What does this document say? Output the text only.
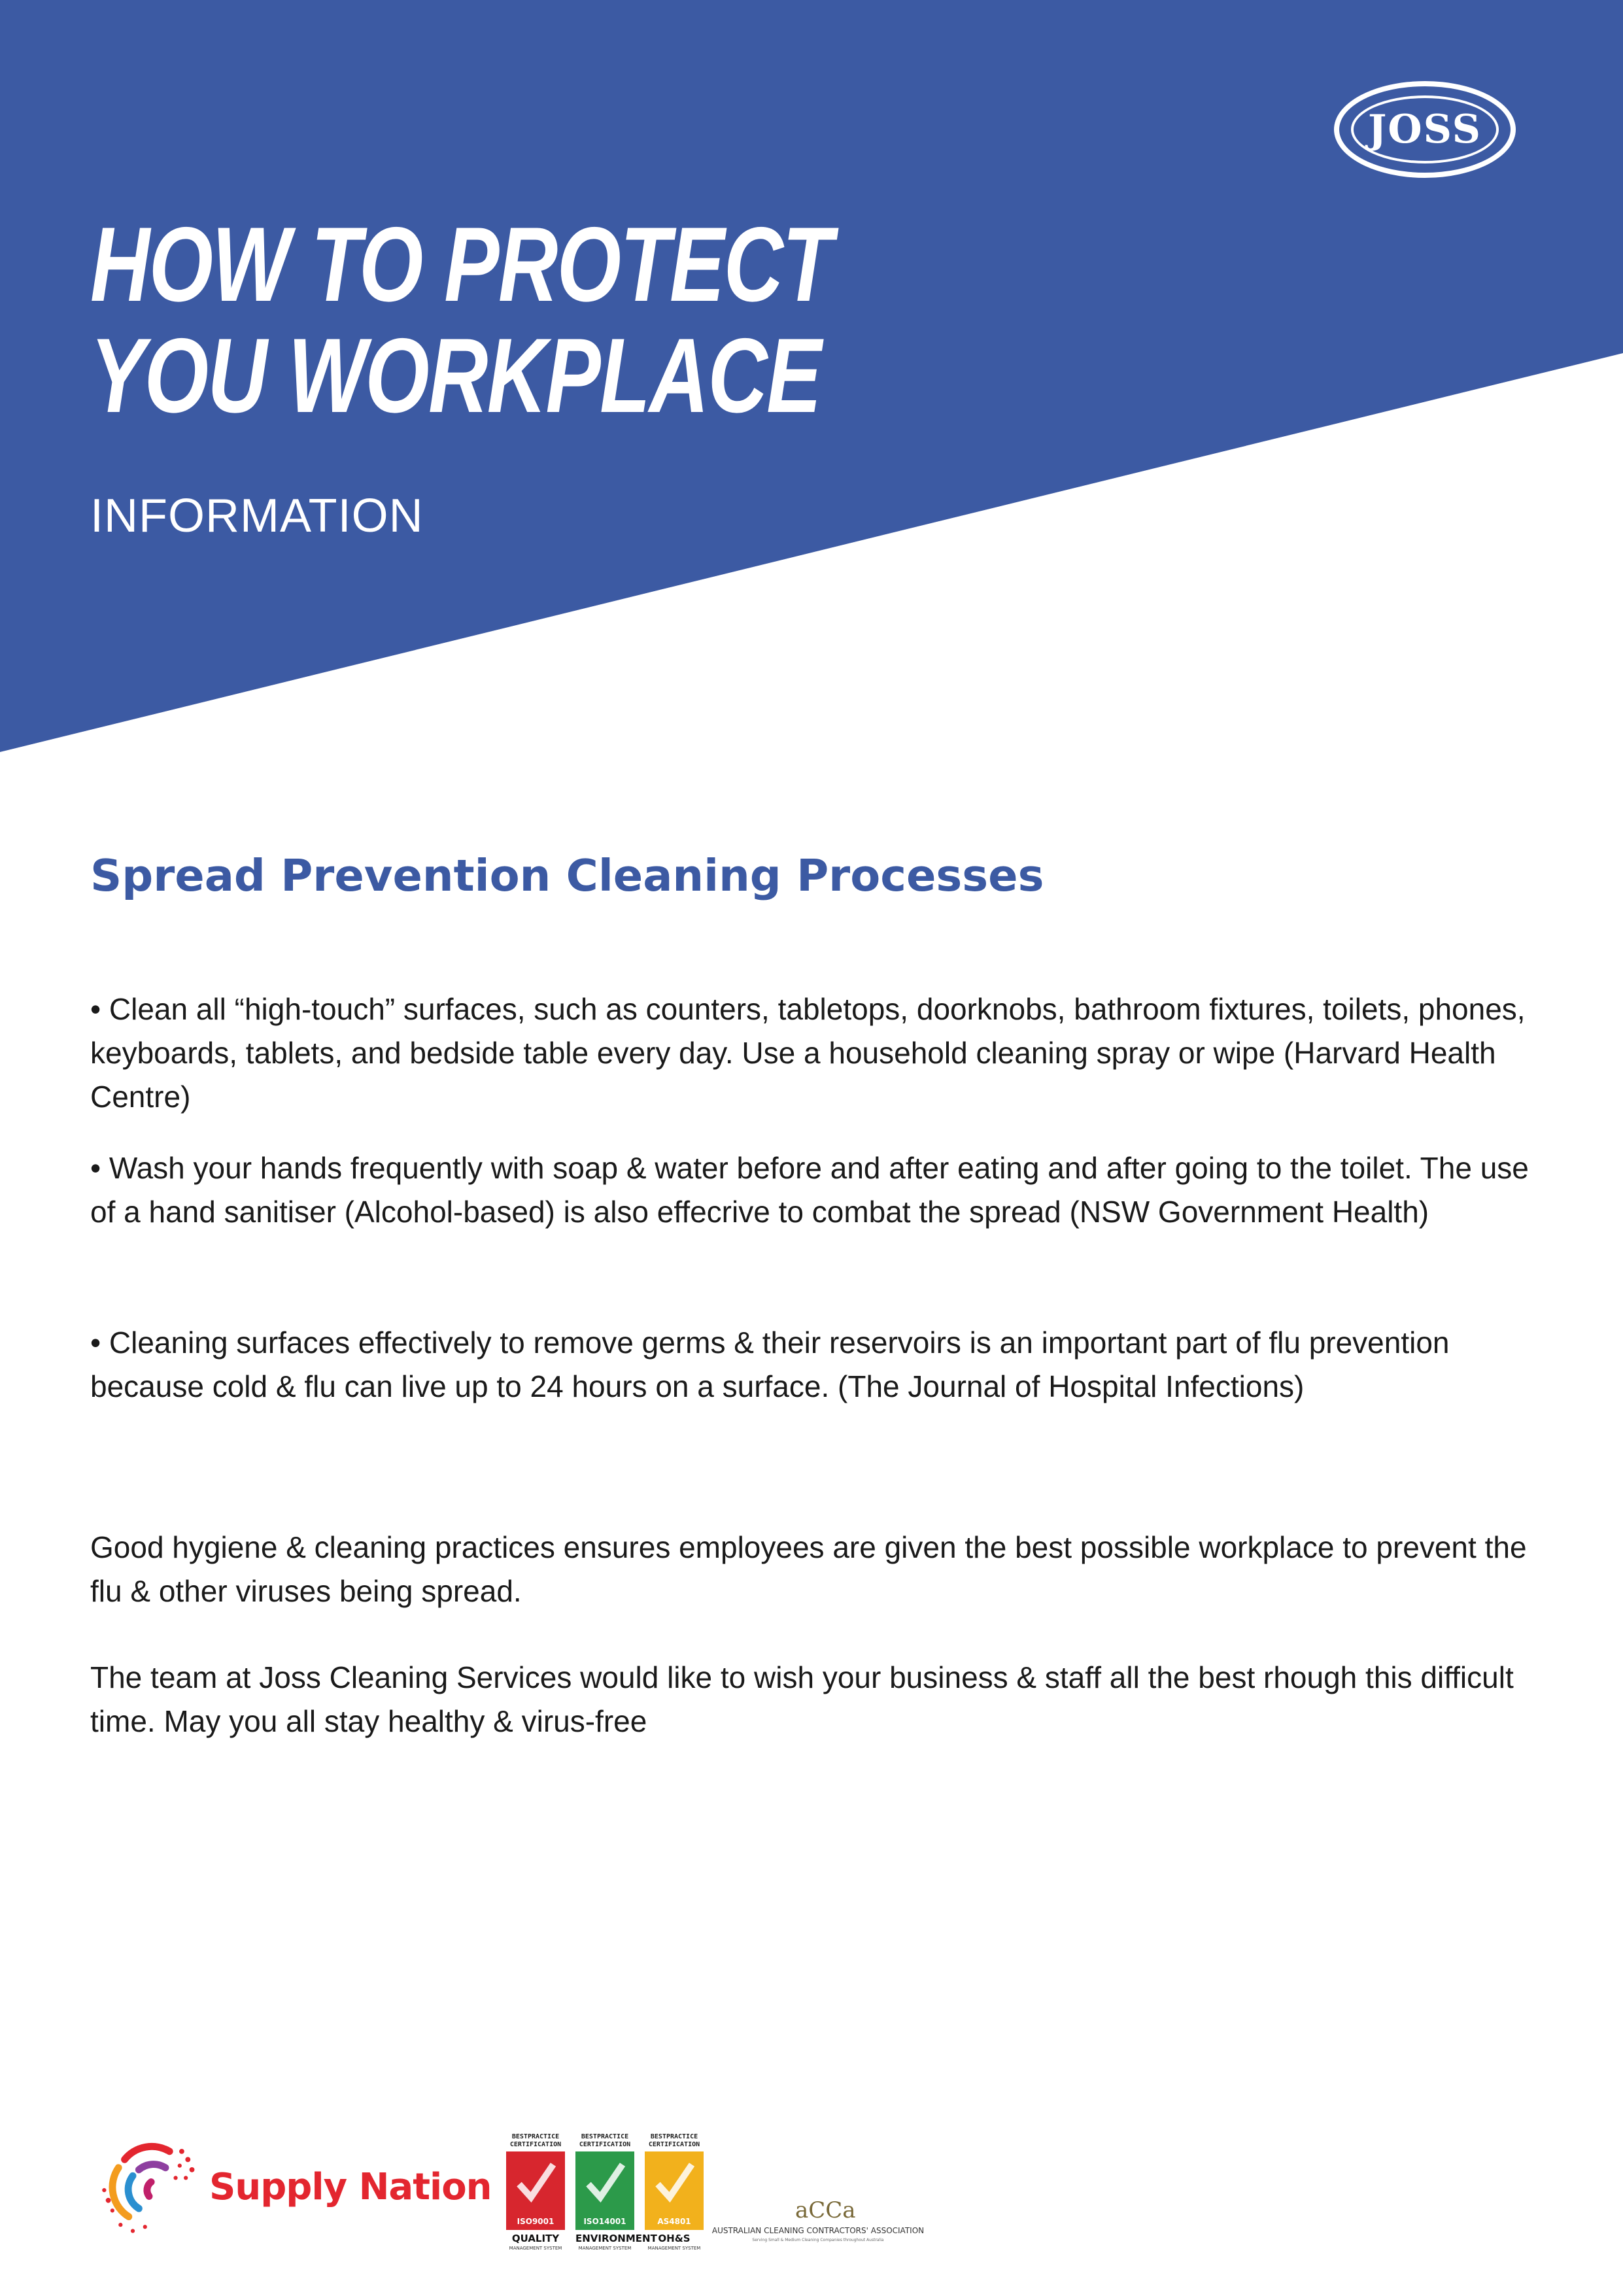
JOSS
HOW TO PROTECT YOU WORKPLACE
INFORMATION
Spread Prevention Cleaning Processes

• Clean all “high-touch” surfaces, such as counters, tabletops, doorknobs, bathroom fixtures, toilets, phones, keyboards, tablets, and bedside table every day. Use a household cleaning spray or wipe (Harvard Health Centre)

• Wash your hands frequently with soap & water before and after eating and after going to the toilet. The use of a hand sanitiser (Alcohol-based) is also effecrive to combat the spread (NSW Government Health)

• Cleaning surfaces effectively to remove germs & their reservoirs is an important part of flu prevention because cold & flu can live up to 24 hours on a surface. (The Journal of Hospital Infections)

Good hygiene & cleaning practices ensures employees are given the best possible workplace to prevent the flu & other viruses being spread.

The team at Joss Cleaning Services would like to wish your business & staff all the best rhough this difficult time. May you all stay healthy & virus-free

Supply Nation
BESTPRACTICE
CERTIFICATION
ISO9001
QUALITY
MANAGEMENT SYSTEM
BESTPRACTICE
CERTIFICATION
ISO14001
ENVIRONMENT
MANAGEMENT SYSTEM
BESTPRACTICE
CERTIFICATION
AS4801
OH&S
MANAGEMENT SYSTEM
aCCa
AUSTRALIAN CLEANING CONTRACTORS' ASSOCIATION
Serving Small & Medium Cleaning Companies throughout Australia
